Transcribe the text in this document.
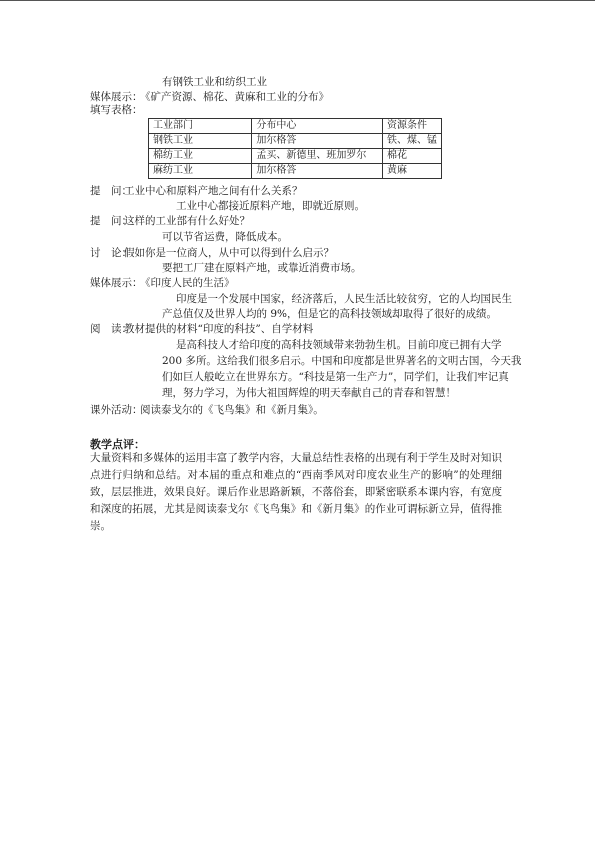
有钢铁工业和纺织工业
媒体展示：
《矿产资源、棉花、黄麻和工业的分布》
填写表格：
工业部门	分布中心	资源条件
钢铁工业	加尔格答	铁、煤、锰
棉纺工业	孟买、新德里、班加罗尔	棉花
麻纺工业	加尔格答	黄麻
提　问：
工业中心和原料产地之间有什么关系？
工业中心都接近原料产地，即就近原则。
提　问：
这样的工业部有什么好处？
可以节省运费，降低成本。
讨　论：
假如你是一位商人，从中可以得到什么启示？
要把工厂建在原料产地，或靠近消费市场。
媒体展示：
《印度人民的生活》
印度是一个发展中国家，经济落后，人民生活比较贫穷，它的人均国民生
产总值仅及世界人均的 9%，但是它的高科技领域却取得了很好的成绩。
阅　读：
教材提供的材料“印度的科技”、自学材料
是高科技人才给印度的高科技领域带来勃勃生机。目前印度已拥有大学
200 多所。这给我们很多启示。中国和印度都是世界著名的文明古国，今天我
们如巨人般屹立在世界东方。“科技是第一生产力”，同学们，让我们牢记真
理，努力学习，为伟大祖国辉煌的明天奉献自己的青春和智慧！
课外活动：
阅读泰戈尔的《飞鸟集》和《新月集》。
教学点评：
大量资料和多媒体的运用丰富了教学内容，大量总结性表格的出现有利于学生及时对知识点进行归纳和总结。对本届的重点和难点的“西南季风对印度农业生产的影响”的处理细致，层层推进，效果良好。课后作业思路新颖，不落俗套，即紧密联系本课内容，有宽度和深度的拓展，尤其是阅读泰戈尔《飞鸟集》和《新月集》的作业可谓标新立异，值得推崇。
